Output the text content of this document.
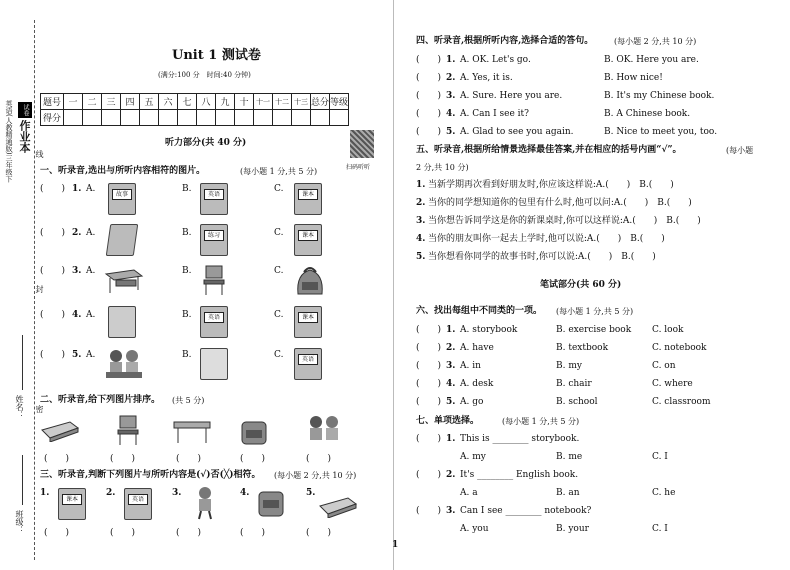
试卷
作业本
英语(人教精通版)三年级下	线
封
密
姓名：
班级：
Unit 1 测试卷
(满分:100 分　时间:40 分钟)
题号	一	二	三	四	五	六	七	八	九	十	十一	十二	十三	总分	等级
得分															
扫码听听
听力部分(共 40 分)
一、听录音,选出与所听内容相符的图片。	(每小题 1 分,共 5 分)
(　　) 1. A.
故事
B.
英语
C.
课本
(　　) 2. A.	B.	练习	C.	课本
(　　) 3. A.	B.	C.
(　　) 4. A.	B.	英语	C.	课本
(　　) 5. A.	B.	C.	英语
二、听录音,给下列图片排序。 (共 5 分)
(　　)	(　　)	(　　)	(　　)	(　　)
三、听录音,判断下列图片与所听内容是(√)否(╳)相符。 (每小题 2 分,共 10 分)
1.
课本
2.
英语
3.	4.	5.
(　　)	(　　)	(　　)	(　　)	(　　)
四、听录音,根据所听内容,选择合适的答句。	(每小题 2 分,共 10 分)
(　　) 1. A. OK. Let's go.	B. OK. Here you are.
(　　) 2. A. Yes, it is.	B. How nice!
(　　) 3. A. Sure. Here you are.	B. It's my Chinese book.
(　　) 4. A. Can I see it?	B. A Chinese book.
(　　) 5. A. Glad to see you again.	B. Nice to meet you, too.
五、听录音,根据所给情景选择最佳答案,并在相应的括号内画“√”。	(每小题
2 分,共 10 分)
1. 当新学期再次看到好朋友时,你应该这样说:A.(　　)　B.(　　)
2. 当你的同学想知道你的包里有什么时,他可以问:A.(　　)　B.(　　)
3. 当你想告诉同学这是你的新课桌时,你可以这样说:A.(　　)　B.(　　)
4. 当你的朋友叫你一起去上学时,他可以说:A.(　　)　B.(　　)
5. 当你想看你同学的故事书时,你可以说:A.(　　)　B.(　　)
笔试部分(共 60 分)
六、找出每组中不同类的一项。 (每小题 1 分,共 5 分)
(　　) 1. A. storybook	B. exercise book C. look
(　　) 2. A. have	B. textbook	C. notebook
(　　) 3. A. in	B. my	C. on
(　　) 4. A. desk	B. chair	C. where
(　　) 5. A. go	B. school	C. classroom
七、单项选择。	(每小题 1 分,共 5 分)
(　　) 1. This is ________ storybook.
A. my	B. me	C. I
(　　) 2. It's ________ English book.
A. a	B. an	C. he
(　　) 3. Can I see ________ notebook?
A. you	B. your	C. I
1
